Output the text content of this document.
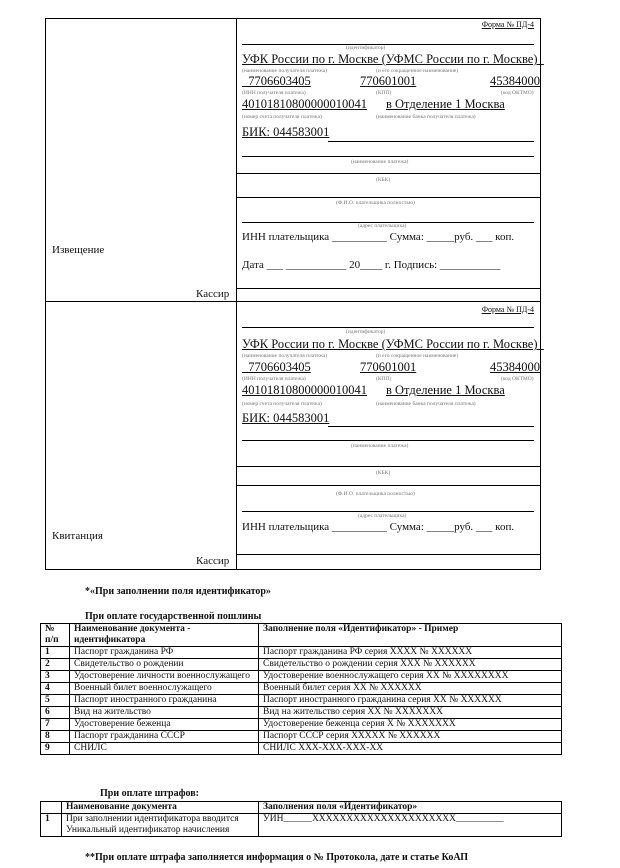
Извещение
Кассир
Форма № ПД-4
(идентификатор)
УФК России по г. Москве (УФМС России по г. Москве)_
(наименование получателя платежа)	(и его сокращенное наименование)
_7706603405	770601001	45384000
(ИНН получателя платежа)	(КПП)	(код ОКТМО)
40101810800000010041 в Отделение 1 Москва
(номер счета получателя платежа)	(наименование банка получателя платежа)
БИК: 044583001
(наименование платежа)
(КБК)
(Ф.И.О. плательщика полностью)
(адрес плательщика)
ИНН плательщика __________ Сумма: _____руб. ___ коп.
Дата ___ ___________ 20____ г. Подпись: ___________
Квитанция
Кассир
Форма № ПД-4
(идентификатор)
УФК России по г. Москве (УФМС России по г. Москве)_
(наименование получателя платежа)	(и его сокращенное наименование)
_7706603405	770601001	45384000
(ИНН получателя платежа)	(КПП)	(код ОКТМО)
40101810800000010041 в Отделение 1 Москва
(номер счета получателя платежа)	(наименование банка получателя платежа)
БИК: 044583001
(наименование платежа)
(КБК)
(Ф.И.О. плательщика полностью)
(адрес плательщика)
ИНН плательщика __________ Сумма: _____руб. ___ коп.
*«При заполнении поля идентификатор»
При оплате государственной пошлины
№ п/п	Наименование документа - идентификатора	Заполнение поля «Идентификатор» - Пример
1	Паспорт гражданина РФ	Паспорт гражданина РФ серия XXXX № XXXXXX
2	Свидетельство о рождении	Свидетельство о рождении серия XXX № XXXXXX
3	Удостоверение личности военнослужащего	Удостоверение военнослужащего серия XX № XXXXXXXX
4	Военный билет военнослужащего	Военный билет серия XX № XXXXXX
5	Паспорт иностранного гражданина	Паспорт иностранного гражданина серия XX № XXXXXX
6	Вид на жительство	Вид на жительство серия XX № XXXXXXX
7	Удостоверение беженца	Удостоверение беженца серия X № XXXXXXX
8	Паспорт гражданина СССР	Паспорт СССР серия XXXXX № XXXXXX
9	СНИЛС	СНИЛС XXX-XXX-XXX-XX
При оплате штрафов:
	Наименование документа	Заполнения поля «Идентификатор»
1	При заполнении идентификатора вводится Уникальный идентификатор начисления	УИН______XXXXXXXXXXXXXXXXXXXXX__________
**При оплате штрафа заполняется информация о № Протокола, дате и статье КоАП
